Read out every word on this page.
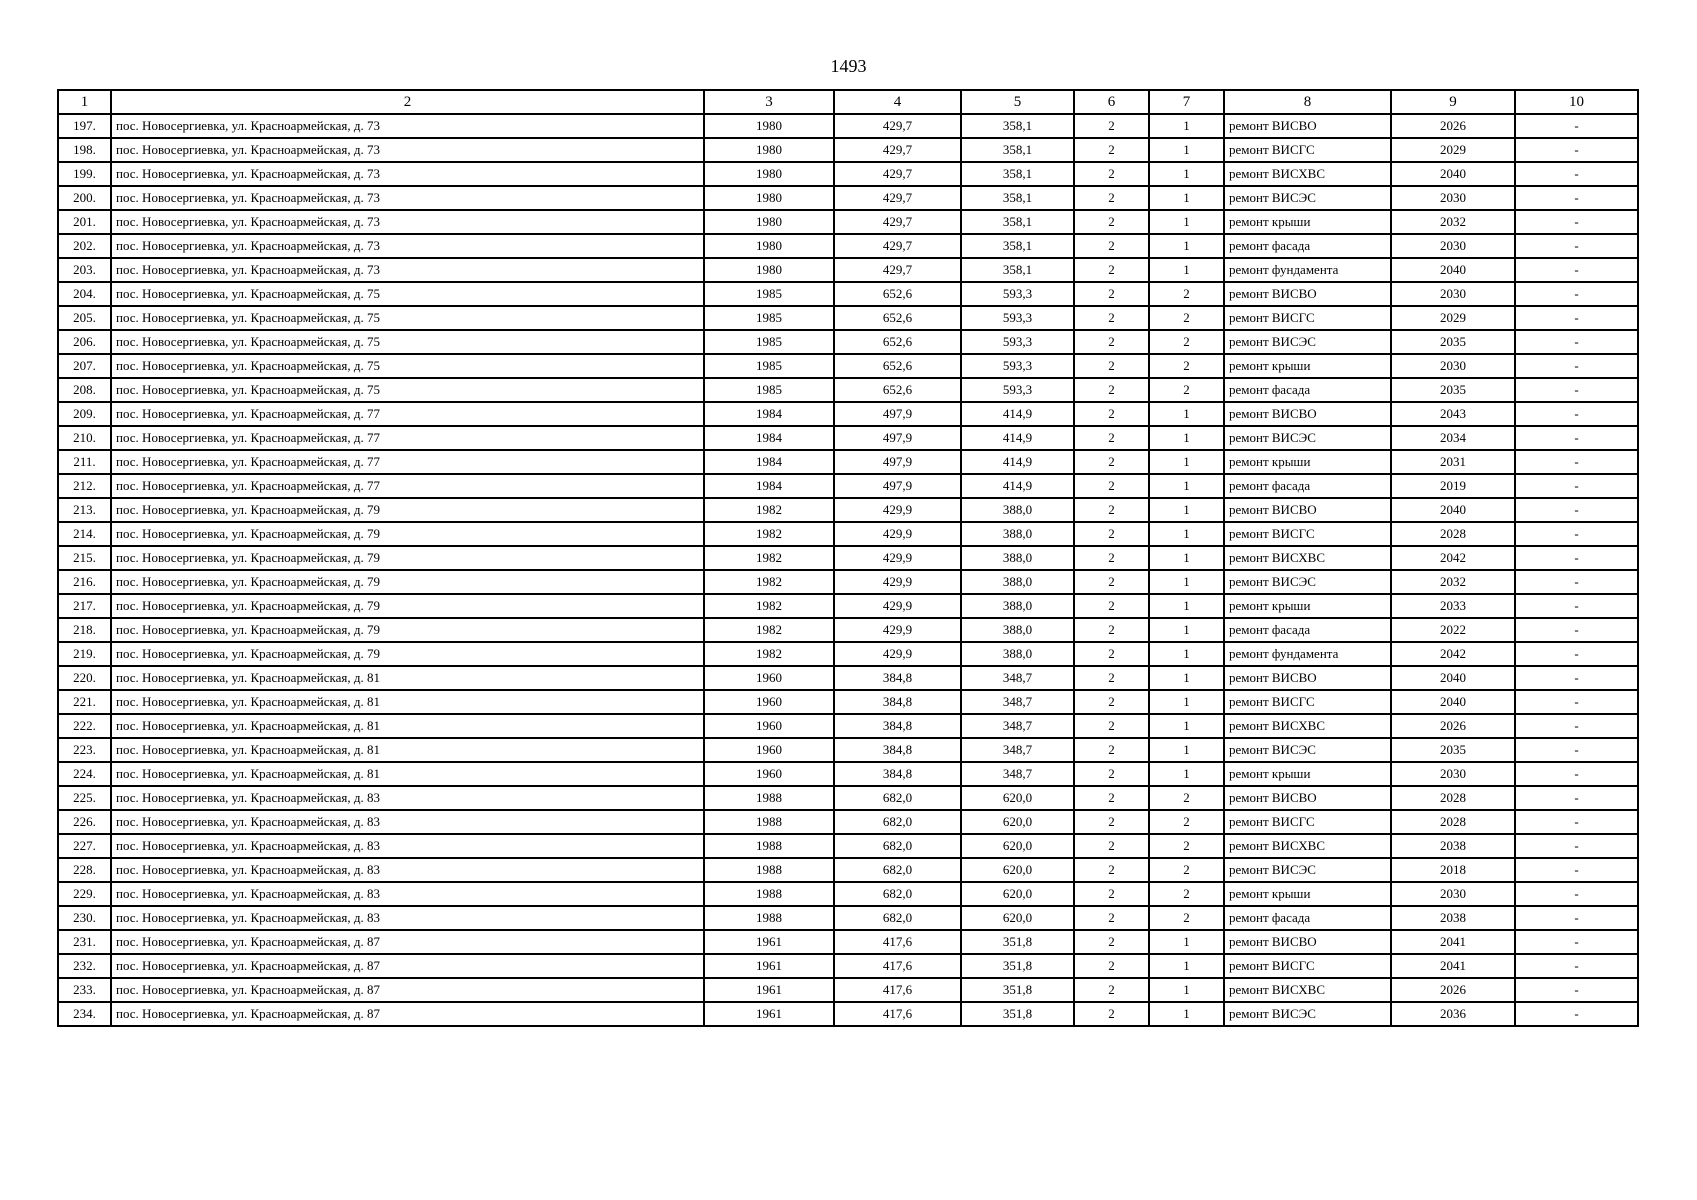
1493
1	2	3	4	5	6	7	8	9	10
197.	пос. Новосергиевка, ул. Красноармейская, д. 73	1980	429,7	358,1	2	1	ремонт ВИСВО	2026	-
198.	пос. Новосергиевка, ул. Красноармейская, д. 73	1980	429,7	358,1	2	1	ремонт ВИСГС	2029	-
199.	пос. Новосергиевка, ул. Красноармейская, д. 73	1980	429,7	358,1	2	1	ремонт ВИСХВС	2040	-
200.	пос. Новосергиевка, ул. Красноармейская, д. 73	1980	429,7	358,1	2	1	ремонт ВИСЭС	2030	-
201.	пос. Новосергиевка, ул. Красноармейская, д. 73	1980	429,7	358,1	2	1	ремонт крыши	2032	-
202.	пос. Новосергиевка, ул. Красноармейская, д. 73	1980	429,7	358,1	2	1	ремонт фасада	2030	-
203.	пос. Новосергиевка, ул. Красноармейская, д. 73	1980	429,7	358,1	2	1	ремонт фундамента	2040	-
204.	пос. Новосергиевка, ул. Красноармейская, д. 75	1985	652,6	593,3	2	2	ремонт ВИСВО	2030	-
205.	пос. Новосергиевка, ул. Красноармейская, д. 75	1985	652,6	593,3	2	2	ремонт ВИСГС	2029	-
206.	пос. Новосергиевка, ул. Красноармейская, д. 75	1985	652,6	593,3	2	2	ремонт ВИСЭС	2035	-
207.	пос. Новосергиевка, ул. Красноармейская, д. 75	1985	652,6	593,3	2	2	ремонт крыши	2030	-
208.	пос. Новосергиевка, ул. Красноармейская, д. 75	1985	652,6	593,3	2	2	ремонт фасада	2035	-
209.	пос. Новосергиевка, ул. Красноармейская, д. 77	1984	497,9	414,9	2	1	ремонт ВИСВО	2043	-
210.	пос. Новосергиевка, ул. Красноармейская, д. 77	1984	497,9	414,9	2	1	ремонт ВИСЭС	2034	-
211.	пос. Новосергиевка, ул. Красноармейская, д. 77	1984	497,9	414,9	2	1	ремонт крыши	2031	-
212.	пос. Новосергиевка, ул. Красноармейская, д. 77	1984	497,9	414,9	2	1	ремонт фасада	2019	-
213.	пос. Новосергиевка, ул. Красноармейская, д. 79	1982	429,9	388,0	2	1	ремонт ВИСВО	2040	-
214.	пос. Новосергиевка, ул. Красноармейская, д. 79	1982	429,9	388,0	2	1	ремонт ВИСГС	2028	-
215.	пос. Новосергиевка, ул. Красноармейская, д. 79	1982	429,9	388,0	2	1	ремонт ВИСХВС	2042	-
216.	пос. Новосергиевка, ул. Красноармейская, д. 79	1982	429,9	388,0	2	1	ремонт ВИСЭС	2032	-
217.	пос. Новосергиевка, ул. Красноармейская, д. 79	1982	429,9	388,0	2	1	ремонт крыши	2033	-
218.	пос. Новосергиевка, ул. Красноармейская, д. 79	1982	429,9	388,0	2	1	ремонт фасада	2022	-
219.	пос. Новосергиевка, ул. Красноармейская, д. 79	1982	429,9	388,0	2	1	ремонт фундамента	2042	-
220.	пос. Новосергиевка, ул. Красноармейская, д. 81	1960	384,8	348,7	2	1	ремонт ВИСВО	2040	-
221.	пос. Новосергиевка, ул. Красноармейская, д. 81	1960	384,8	348,7	2	1	ремонт ВИСГС	2040	-
222.	пос. Новосергиевка, ул. Красноармейская, д. 81	1960	384,8	348,7	2	1	ремонт ВИСХВС	2026	-
223.	пос. Новосергиевка, ул. Красноармейская, д. 81	1960	384,8	348,7	2	1	ремонт ВИСЭС	2035	-
224.	пос. Новосергиевка, ул. Красноармейская, д. 81	1960	384,8	348,7	2	1	ремонт крыши	2030	-
225.	пос. Новосергиевка, ул. Красноармейская, д. 83	1988	682,0	620,0	2	2	ремонт ВИСВО	2028	-
226.	пос. Новосергиевка, ул. Красноармейская, д. 83	1988	682,0	620,0	2	2	ремонт ВИСГС	2028	-
227.	пос. Новосергиевка, ул. Красноармейская, д. 83	1988	682,0	620,0	2	2	ремонт ВИСХВС	2038	-
228.	пос. Новосергиевка, ул. Красноармейская, д. 83	1988	682,0	620,0	2	2	ремонт ВИСЭС	2018	-
229.	пос. Новосергиевка, ул. Красноармейская, д. 83	1988	682,0	620,0	2	2	ремонт крыши	2030	-
230.	пос. Новосергиевка, ул. Красноармейская, д. 83	1988	682,0	620,0	2	2	ремонт фасада	2038	-
231.	пос. Новосергиевка, ул. Красноармейская, д. 87	1961	417,6	351,8	2	1	ремонт ВИСВО	2041	-
232.	пос. Новосергиевка, ул. Красноармейская, д. 87	1961	417,6	351,8	2	1	ремонт ВИСГС	2041	-
233.	пос. Новосергиевка, ул. Красноармейская, д. 87	1961	417,6	351,8	2	1	ремонт ВИСХВС	2026	-
234.	пос. Новосергиевка, ул. Красноармейская, д. 87	1961	417,6	351,8	2	1	ремонт ВИСЭС	2036	-
